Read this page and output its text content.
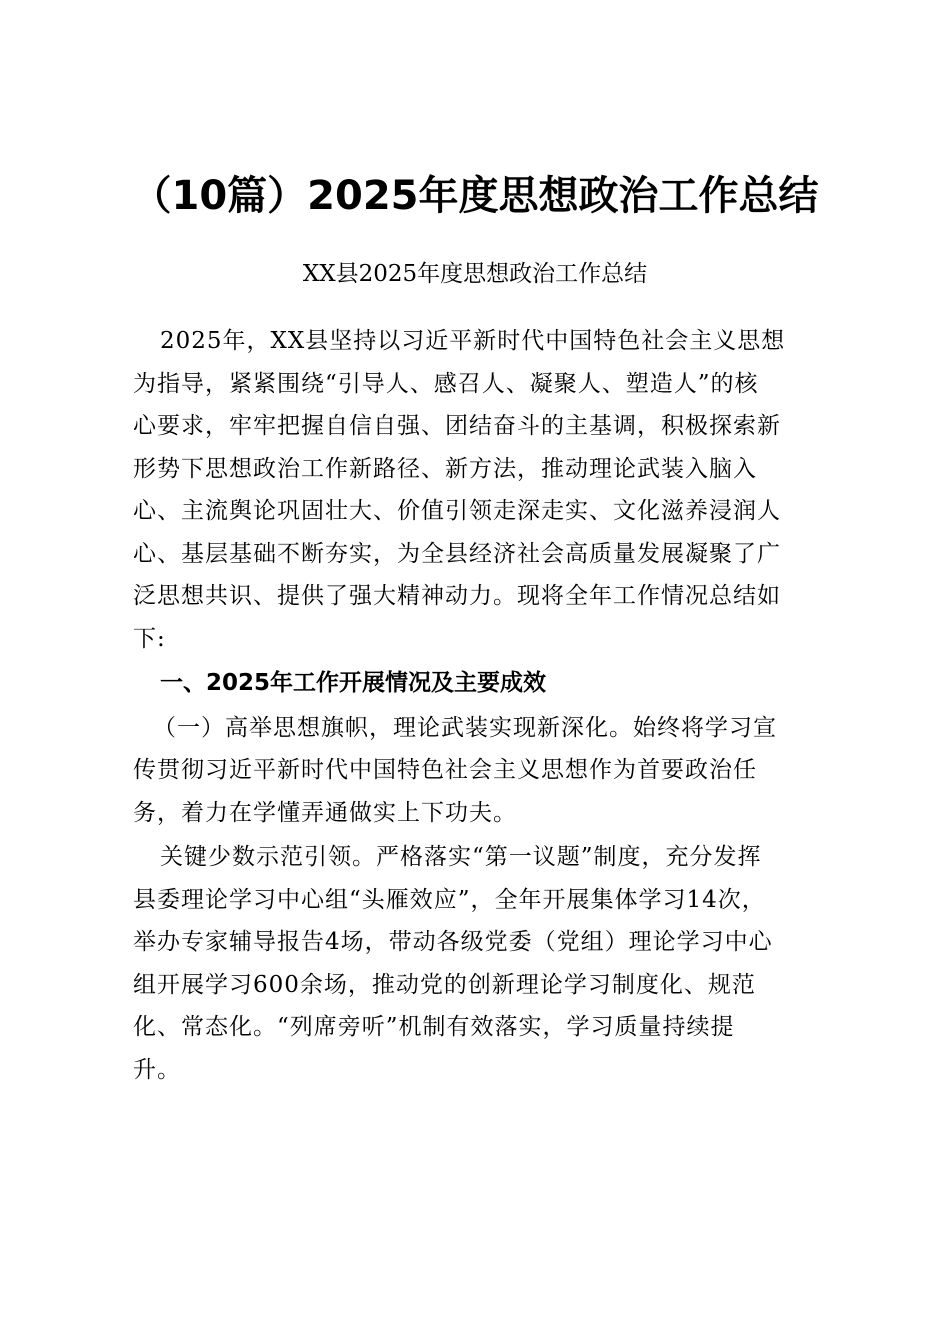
（10篇）2025年度思想政治工作总结
XX县2025年度思想政治工作总结
2025年，XX县坚持以习近平新时代中国特色社会主义思想
为指导，紧紧围绕“引导人、感召人、凝聚人、塑造人”的核
心要求，牢牢把握自信自强、团结奋斗的主基调，积极探索新
形势下思想政治工作新路径、新方法，推动理论武装入脑入
心、主流舆论巩固壮大、价值引领走深走实、文化滋养浸润人
心、基层基础不断夯实，为全县经济社会高质量发展凝聚了广
泛思想共识、提供了强大精神动力。现将全年工作情况总结如
下:
一、2025年工作开展情况及主要成效
（一）高举思想旗帜，理论武装实现新深化。始终将学习宣
传贯彻习近平新时代中国特色社会主义思想作为首要政治任
务，着力在学懂弄通做实上下功夫。
关键少数示范引领。严格落实“第一议题”制度，充分发挥
县委理论学习中心组“头雁效应”，全年开展集体学习14次，
举办专家辅导报告4场，带动各级党委（党组）理论学习中心
组开展学习600余场，推动党的创新理论学习制度化、规范
化、常态化。“列席旁听”机制有效落实，学习质量持续提
升。
